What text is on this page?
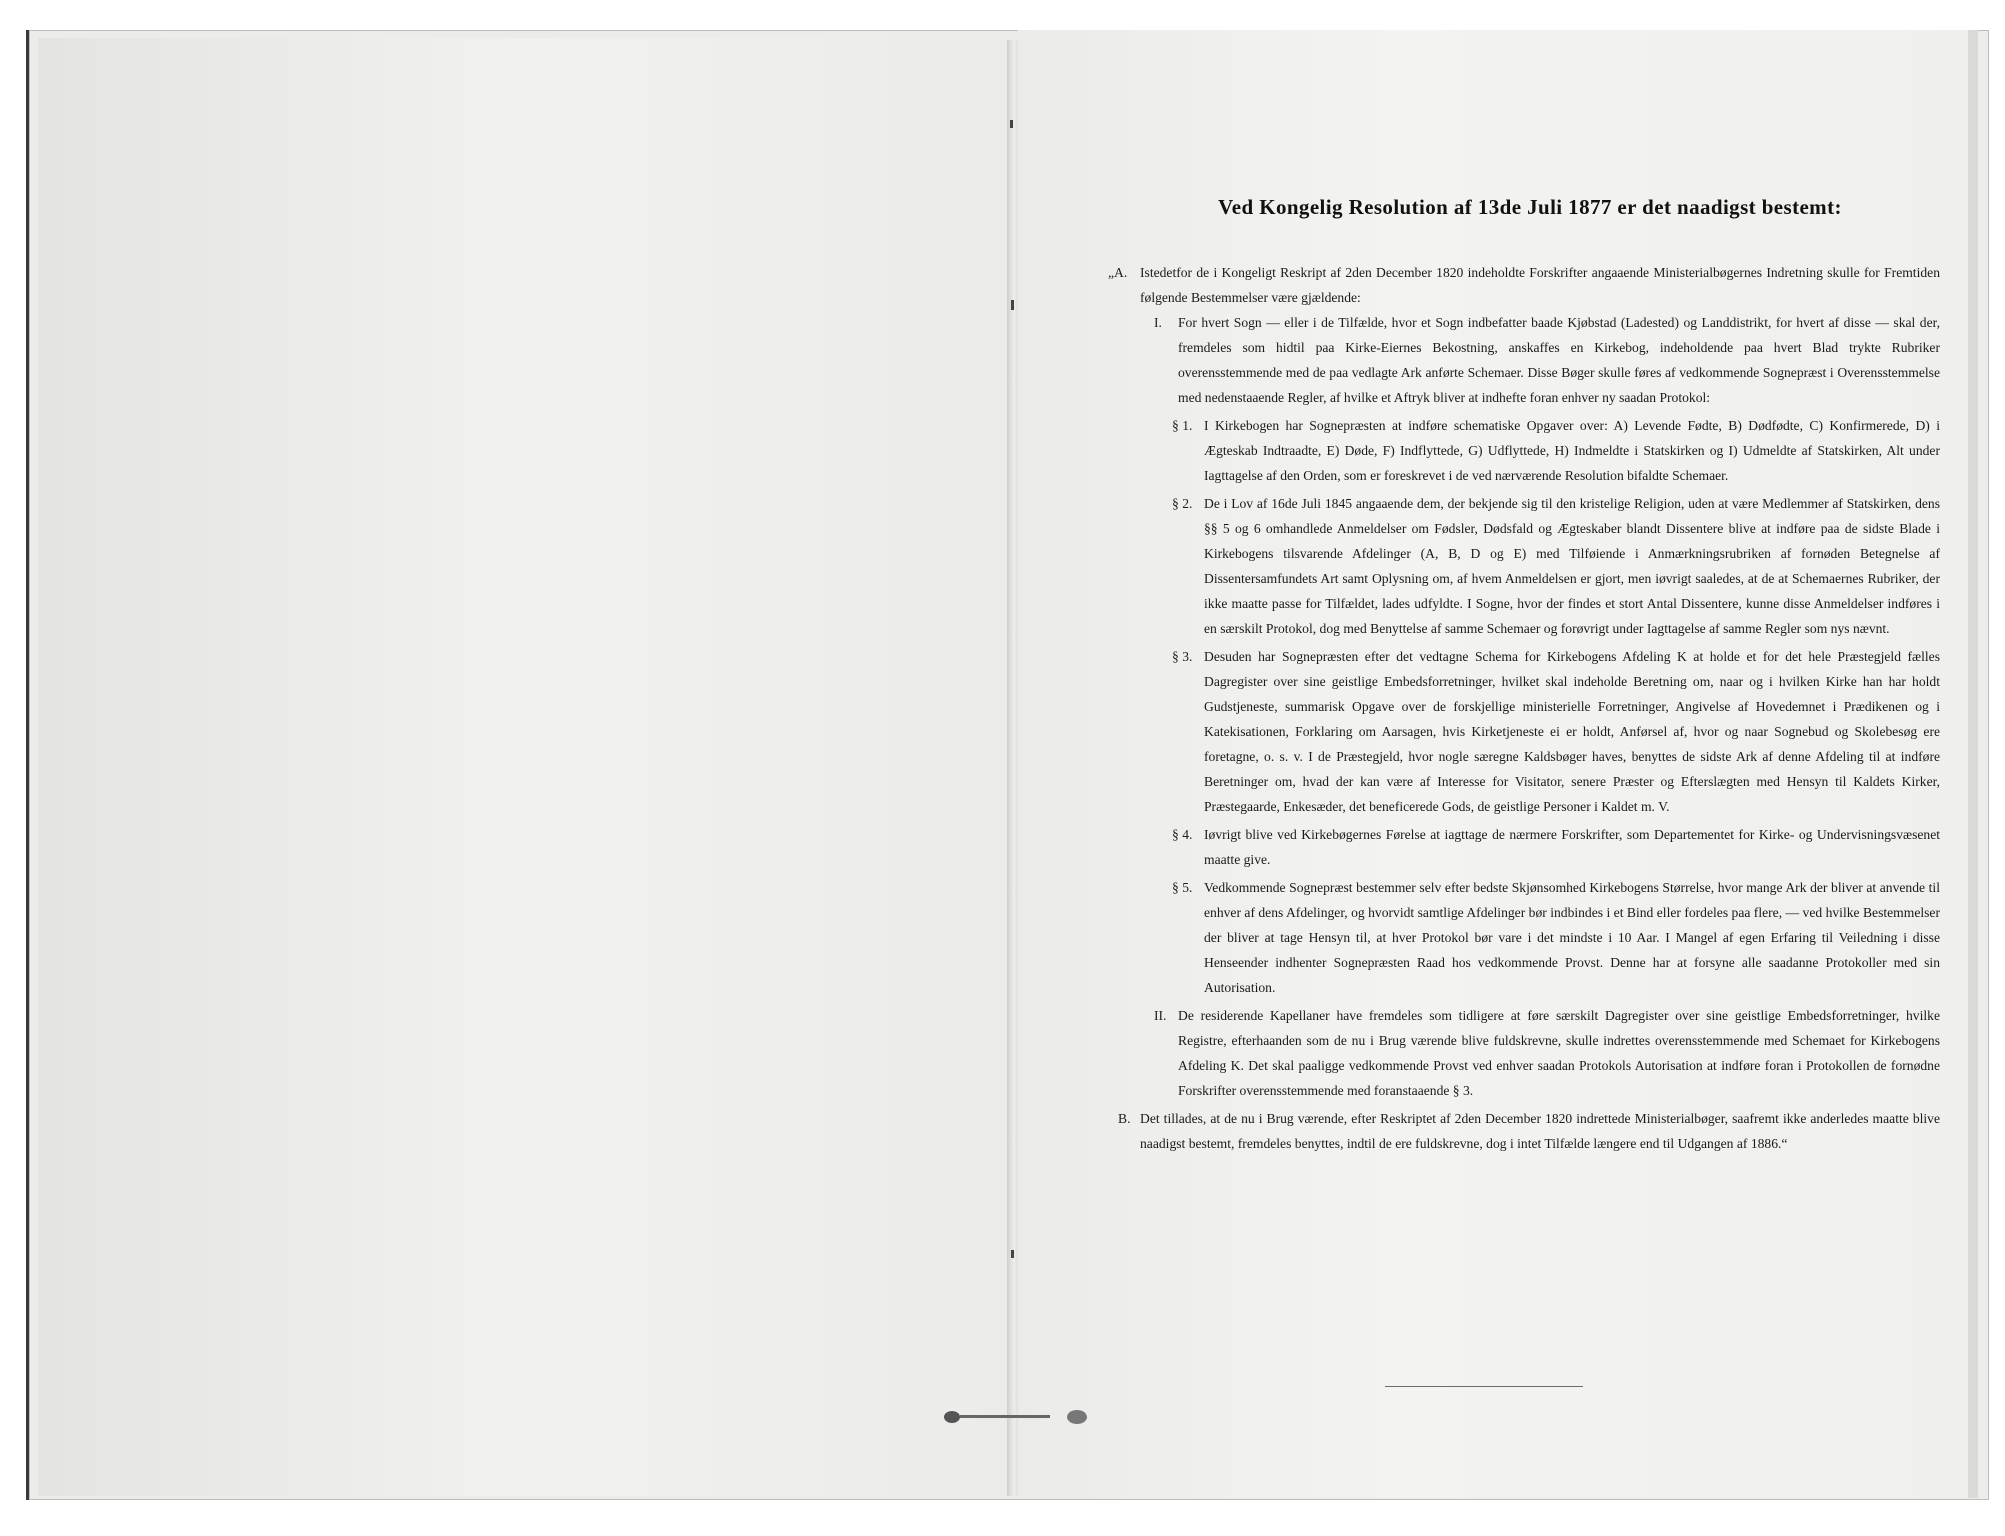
Ved Kongelig Resolution af 13de Juli 1877 er det naadigst bestemt:
„A. Istedetfor de i Kongeligt Reskript af 2den December 1820 indeholdte Forskrifter angaaende Ministerialbøgernes Indretning skulle for Fremtiden følgende Bestemmelser være gjældende:

I. For hvert Sogn — eller i de Tilfælde, hvor et Sogn indbefatter baade Kjøbstad (Ladested) og Landdistrikt, for hvert af disse — skal der, fremdeles som hidtil paa Kirke-Eiernes Bekostning, anskaffes en Kirkebog, indeholdende paa hvert Blad trykte Rubriker overensstemmende med de paa vedlagte Ark anførte Schemaer. Disse Bøger skulle føres af vedkommende Sognepræst i Overensstemmelse med nedenstaaende Regler, af hvilke et Aftryk bliver at indhefte foran enhver ny saadan Protokol:

§ 1. I Kirkebogen har Sognepræsten at indføre schematiske Opgaver over: A) Levende Fødte, B) Dødfødte, C) Konfirmerede, D) i Ægteskab Indtraadte, E) Døde, F) Indflyttede, G) Udflyttede, H) Indmeldte i Statskirken og I) Udmeldte af Statskirken, Alt under Iagttagelse af den Orden, som er foreskrevet i de ved nærværende Resolution bifaldte Schemaer.

§ 2. De i Lov af 16de Juli 1845 angaaende dem, der bekjende sig til den kristelige Religion, uden at være Medlemmer af Statskirken, dens §§ 5 og 6 omhandlede Anmeldelser om Fødsler, Dødsfald og Ægteskaber blandt Dissentere blive at indføre paa de sidste Blade i Kirkebogens tilsvarende Afdelinger (A, B, D og E) med Tilføiende i Anmærkningsrubriken af fornøden Betegnelse af Dissentersamfundets Art samt Oplysning om, af hvem Anmeldelsen er gjort, men iøvrigt saaledes, at de at Schemaernes Rubriker, der ikke maatte passe for Tilfældet, lades udfyldte. I Sogne, hvor der findes et stort Antal Dissentere, kunne disse Anmeldelser indføres i en særskilt Protokol, dog med Benyttelse af samme Schemaer og forøvrigt under Iagttagelse af samme Regler som nys nævnt.

§ 3. Desuden har Sognepræsten efter det vedtagne Schema for Kirkebogens Afdeling K at holde et for det hele Præstegjeld fælles Dagregister over sine geistlige Embedsforretninger, hvilket skal indeholde Beretning om, naar og i hvilken Kirke han har holdt Gudstjeneste, summarisk Opgave over de forskjellige ministerielle Forretninger, Angivelse af Hovedemnet i Prædikenen og i Katekisationen, Forklaring om Aarsagen, hvis Kirketjeneste ei er holdt, Anførsel af, hvor og naar Sognebud og Skolebesøg ere foretagne, o. s. v. I de Præstegjeld, hvor nogle særegne Kaldsbøger haves, benyttes de sidste Ark af denne Afdeling til at indføre Beretninger om, hvad der kan være af Interesse for Visitator, senere Præster og Efterslægten med Hensyn til Kaldets Kirker, Præstegaarde, Enkesæder, det beneficerede Gods, de geistlige Personer i Kaldet m. V.

§ 4. Iøvrigt blive ved Kirkebøgernes Førelse at iagttage de nærmere Forskrifter, som Departementet for Kirke- og Undervisningsvæsenet maatte give.

§ 5. Vedkommende Sognepræst bestemmer selv efter bedste Skjønsomhed Kirkebogens Størrelse, hvor mange Ark der bliver at anvende til enhver af dens Afdelinger, og hvorvidt samtlige Afdelinger bør indbindes i et Bind eller fordeles paa flere, — ved hvilke Bestemmelser der bliver at tage Hensyn til, at hver Protokol bør vare i det mindste i 10 Aar. I Mangel af egen Erfaring til Veiledning i disse Henseender indhenter Sognepræsten Raad hos vedkommende Provst. Denne har at forsyne alle saadanne Protokoller med sin Autorisation.

II. De residerende Kapellaner have fremdeles som tidligere at føre særskilt Dagregister over sine geistlige Embedsforretninger, hvilke Registre, efterhaanden som de nu i Brug værende blive fuldskrevne, skulle indrettes overensstemmende med Schemaet for Kirkebogens Afdeling K. Det skal paaligge vedkommende Provst ved enhver saadan Protokols Autorisation at indføre foran i Protokollen de fornødne Forskrifter overensstemmende med foranstaaende § 3.

B. Det tillades, at de nu i Brug værende, efter Reskriptet af 2den December 1820 indrettede Ministerialbøger, saafremt ikke anderledes maatte blive naadigst bestemt, fremdeles benyttes, indtil de ere fuldskrevne, dog i intet Tilfælde længere end til Udgangen af 1886.“
